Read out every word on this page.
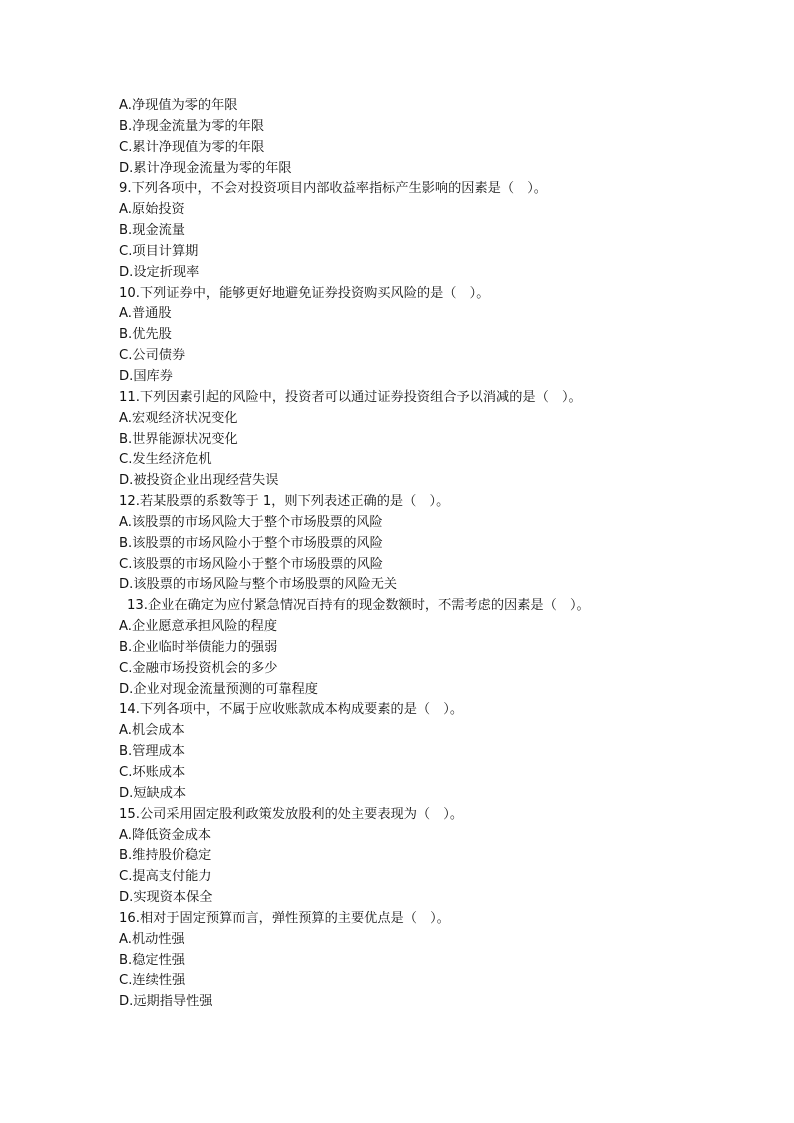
A.净现值为零的年限
B.净现金流量为零的年限
C.累计净现值为零的年限
D.累计净现金流量为零的年限
9.下列各项中，不会对投资项目内部收益率指标产生影响的因素是（　）。
A.原始投资
B.现金流量
C.项目计算期
D.设定折现率
10.下列证券中，能够更好地避免证券投资购买风险的是（　）。
A.普通股
B.优先股
C.公司债券
D.国库券
11.下列因素引起的风险中，投资者可以通过证券投资组合予以消减的是（　）。
A.宏观经济状况变化
B.世界能源状况变化
C.发生经济危机
D.被投资企业出现经营失误
12.若某股票的系数等于 1，则下列表述正确的是（　）。
A.该股票的市场风险大于整个市场股票的风险
B.该股票的市场风险小于整个市场股票的风险
C.该股票的市场风险小于整个市场股票的风险
D.该股票的市场风险与整个市场股票的风险无关
13.企业在确定为应付紧急情况百持有的现金数额时，不需考虑的因素是（　）。
A.企业愿意承担风险的程度
B.企业临时举债能力的强弱
C.金融市场投资机会的多少
D.企业对现金流量预测的可靠程度
14.下列各项中，不属于应收账款成本构成要素的是（　）。
A.机会成本
B.管理成本
C.坏账成本
D.短缺成本
15.公司采用固定股利政策发放股利的处主要表现为（　）。
A.降低资金成本
B.维持股价稳定
C.提高支付能力
D.实现资本保全
16.相对于固定预算而言，弹性预算的主要优点是（　）。
A.机动性强
B.稳定性强
C.连续性强
D.远期指导性强
